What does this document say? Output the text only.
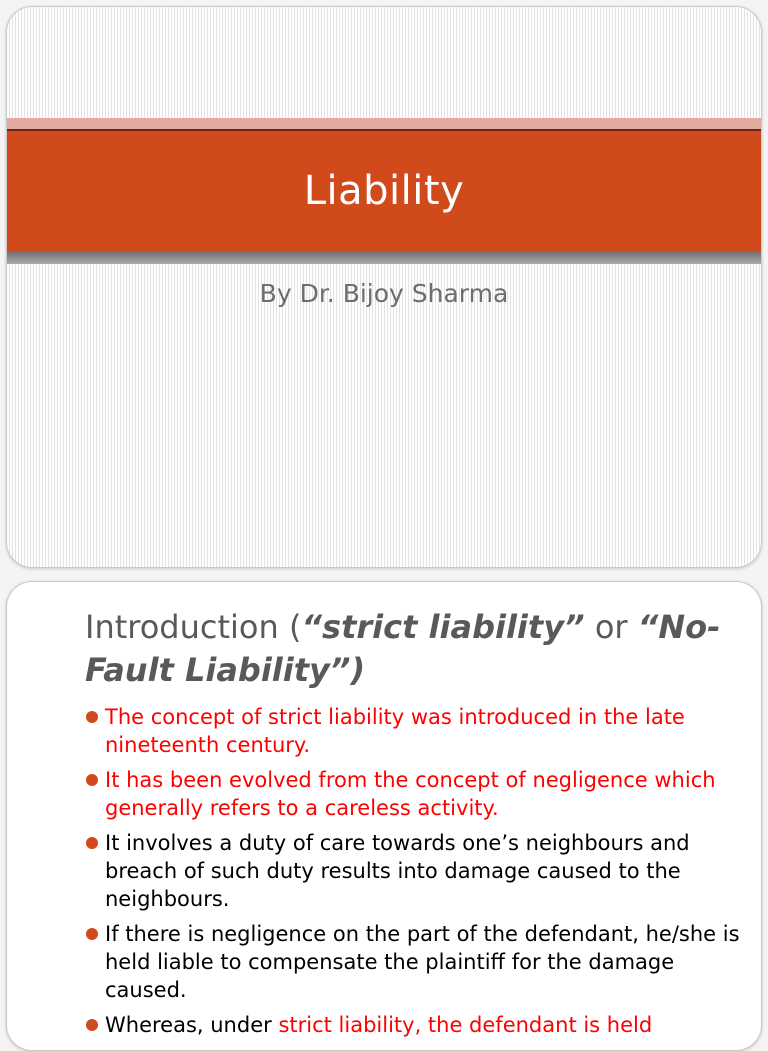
Liability
By Dr. Bijoy Sharma
Introduction (“strict liability” or “No-Fault Liability”)
The concept of strict liability was introduced in the late nineteenth century.
It has been evolved from the concept of negligence which generally refers to a careless activity.
It involves a duty of care towards one’s neighbours and breach of such duty results into damage caused to the neighbours.
If there is negligence on the part of the defendant, he/she is held liable to compensate the plaintiff for the damage caused.
Whereas, under strict liability, the defendant is held
